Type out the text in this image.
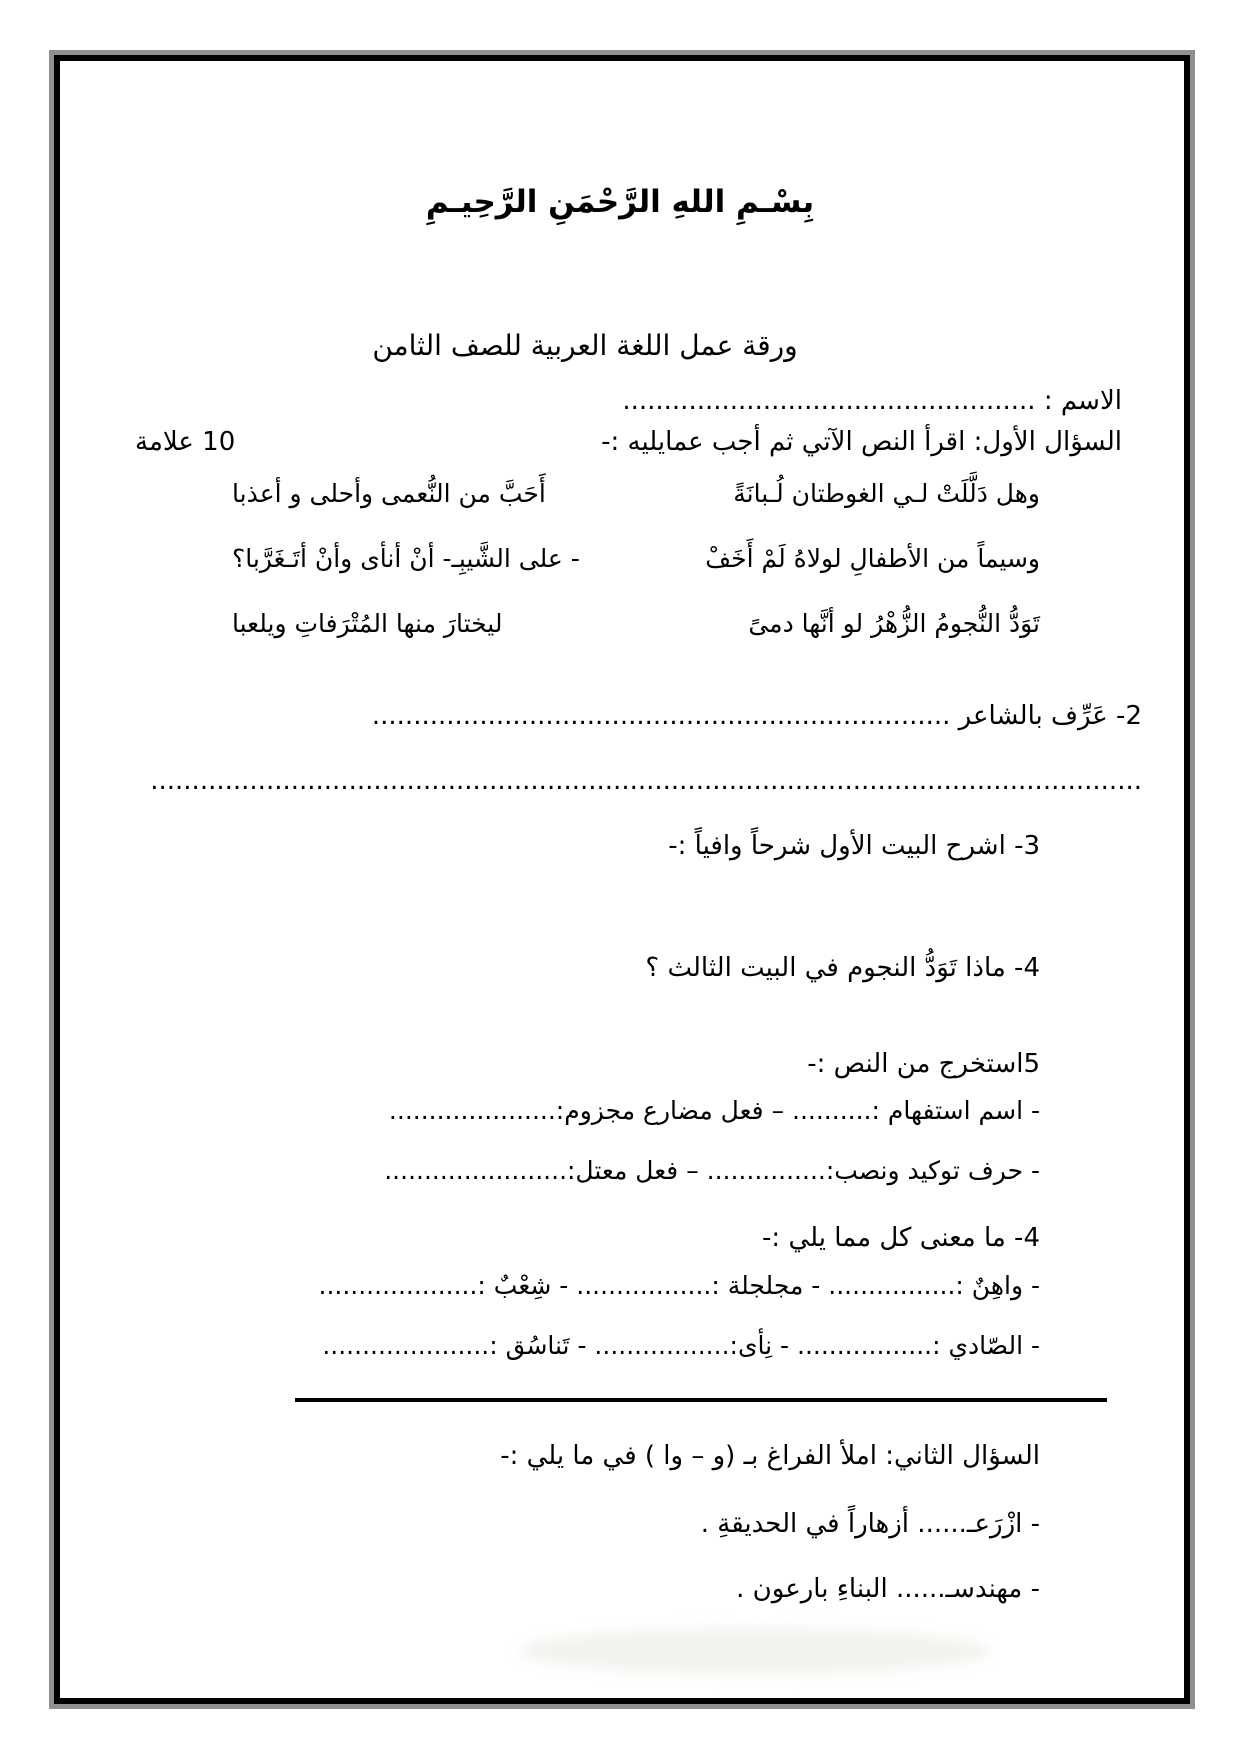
بِسْـمِ اللهِ الرَّحْمَنِ الرَّحِيـمِ
ورقة عمل اللغة العربية للصف الثامن
الاسم : ..................................................
السؤال الأول: اقرأ النص الآتي ثم أجب عمايليه :-
10 علامة
وهل دَلَّلَتْ لـي الغوطتان لُـبانَةً
أَحَبَّ من النُّعمى وأحلى و أعذبا
وسيماً من الأطفالِ لولاهُ لَمْ أَخَفْ
- على الشَّيبِـ- أنْ أنأى وأنْ أتَـغَرَّبا؟
تَوَدُّ النُّجومُ الزُّهْرُ لو أنَّها دمىً
ليختارَ منها المُتْرَفاتِ ويلعبا
2- عَرِّف بالشاعر ......................................................................
........................................................................................................................
3- اشرح البيت الأول شرحاً وافياً :-
4- ماذا تَوَدُّ النجوم في البيت الثالث ؟
5استخرج من النص :-
- اسم استفهام :.......... – فعل مضارع مجزوم:.....................
- حرف توكيد ونصب:............... – فعل معتل:.......................
4- ما معنى كل مما يلي :-
- واهِنٌ :................ - مجلجلة :................. - شِعْبٌ :....................
- الصّادي :................. - نِأى:................. - تَناسُق :.....................
السؤال الثاني: املأ الفراغ بـ (و – وا ) في ما يلي :-
- ازْرَعـ...... أزهاراً في الحديقةِ .
- مهندسـ...... البناءِ بارعون .
